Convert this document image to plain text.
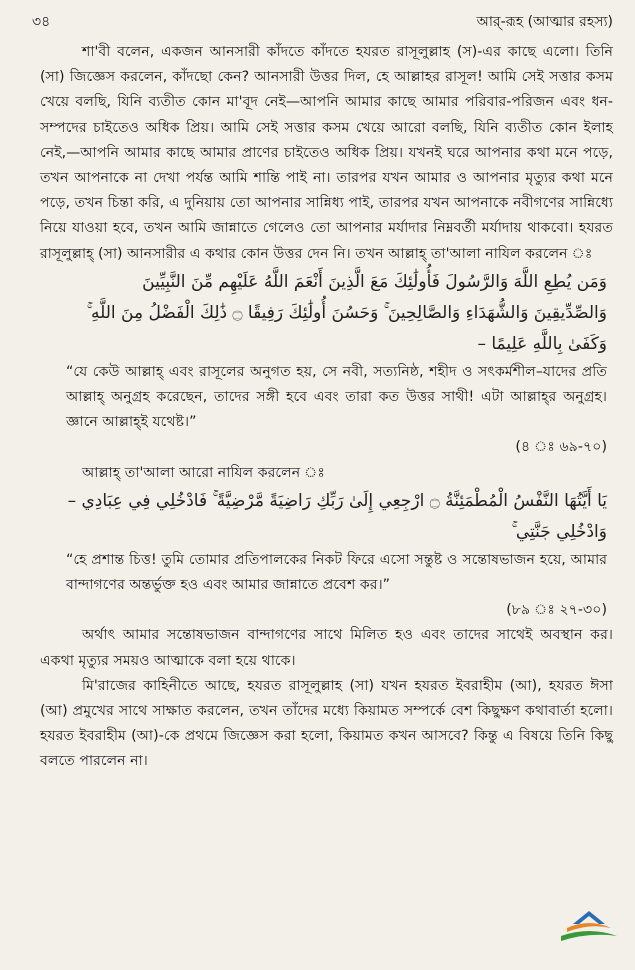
৩৪	আর্-রূহ (আত্মার রহস্য)

শা'বী বলেন, একজন আনসারী কাঁদতে কাঁদতে হযরত রাসূলুল্লাহ (স)-এর কাছে এলো। তিনি (সা) জিজ্ঞেস করলেন, কাঁদছো কেন? আনসারী উত্তর দিল, হে আল্লাহর রাসূল! আমি সেই সত্তার কসম খেয়ে বলছি, যিনি ব্যতীত কোন মা'বূদ নেই—আপনি আমার কাছে আমার পরিবার-পরিজন এবং ধন-সম্পদের চাইতেও অধিক প্রিয়। আমি সেই সত্তার কসম খেয়ে আরো বলছি, যিনি ব্যতীত কোন ইলাহ নেই,—আপনি আমার কাছে আমার প্রাণের চাইতেও অধিক প্রিয়। যখনই ঘরে আপনার কথা মনে পড়ে, তখন আপনাকে না দেখা পর্যন্ত আমি শান্তি পাই না। তারপর যখন আমার ও আপনার মৃত্যুর কথা মনে পড়ে, তখন চিন্তা করি, এ দুনিয়ায় তো আপনার সান্নিধ্য পাই, তারপর যখন আপনাকে নবীগণের সান্নিধ্যে নিয়ে যাওয়া হবে, তখন আমি জান্নাতে গেলেও তো আপনার মর্যাদার নিম্নবর্তী মর্যাদায় থাকবো। হযরত রাসূলুল্লাহ্ (সা) আনসারীর এ কথার কোন উত্তর দেন নি। তখন আল্লাহ্ তা'আলা নাযিল করলেন ঃ

وَمَن يُطِعِ اللَّهَ وَالرَّسُولَ فَأُولَٰئِكَ مَعَ الَّذِينَ أَنْعَمَ اللَّهُ عَلَيْهِم مِّنَ النَّبِيِّينَ
وَالصِّدِّيقِينَ وَالشُّهَدَاءِ وَالصَّالِحِينَ ۚ وَحَسُنَ أُولَٰئِكَ رَفِيقًا ۝ ذَٰلِكَ الْفَضْلُ مِنَ اللَّهِ ۚ
وَكَفَىٰ بِاللَّهِ عَلِيمًا –

“যে কেউ আল্লাহ্ এবং রাসূলের অনুগত হয়, সে নবী, সত্যনিষ্ঠ, শহীদ ও সৎকর্মশীল–যাদের প্রতি আল্লাহ্ অনুগ্রহ করেছেন, তাদের সঙ্গী হবে এবং তারা কত উত্তর সাথী! এটা আল্লাহ্‌র অনুগ্রহ। জ্ঞানে আল্লাহ্‌ই যথেষ্ট।”
(৪ ঃ ৬৯-৭০)

আল্লাহ্ তা'আলা আরো নাযিল করলেন ঃ

يَا أَيَّتُهَا النَّفْسُ الْمُطْمَئِنَّةُ ۝ ارْجِعِي إِلَىٰ رَبِّكِ رَاضِيَةً مَّرْضِيَّةً ۚ فَادْخُلِي فِي عِبَادِي –
وَادْخُلِي جَنَّتِي ۚ

“হে প্রশান্ত চিত্ত! তুমি তোমার প্রতিপালকের নিকট ফিরে এসো সন্তুষ্ট ও সন্তোষভাজন হয়ে, আমার বান্দাগণের অন্তর্ভুক্ত হও এবং আমার জান্নাতে প্রবেশ কর।”
(৮৯ ঃ ২৭-৩০)

অর্থাৎ আমার সন্তোষভাজন বান্দাগণের সাথে মিলিত হও এবং তাদের সাথেই অবস্থান কর। একথা মৃত্যুর সময়ও আত্মাকে বলা হয়ে থাকে।

মি'রাজের কাহিনীতে আছে, হযরত রাসূলুল্লাহ (সা) যখন হযরত ইবরাহীম (আ), হযরত ঈসা (আ) প্রমুখের সাথে সাক্ষাত করলেন, তখন তাঁদের মধ্যে কিয়ামত সম্পর্কে বেশ কিছুক্ষণ কথাবার্তা হলো। হযরত ইবরাহীম (আ)-কে প্রথমে জিজ্ঞেস করা হলো, কিয়ামত কখন আসবে? কিন্তু এ বিষয়ে তিনি কিছু বলতে পারলেন না।
